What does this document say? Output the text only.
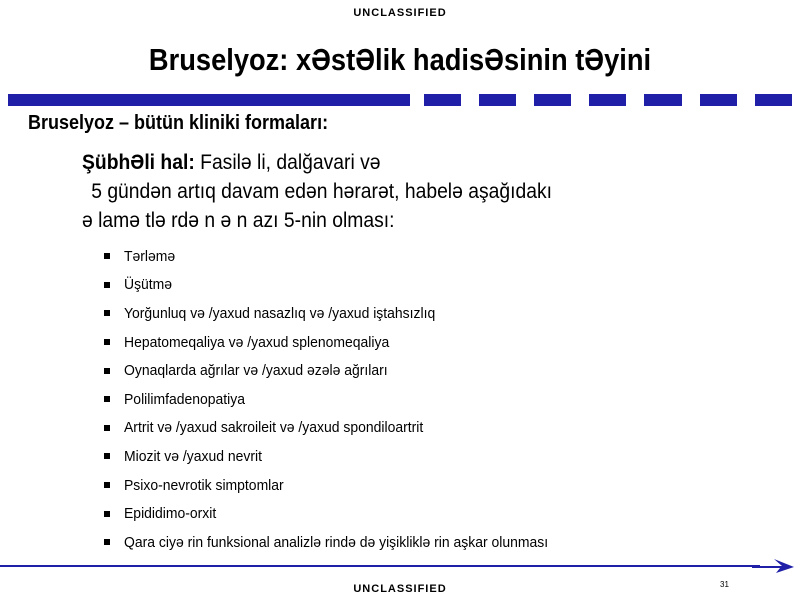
UNCLASSIFIED
Bruselyoz: xƏstƏlik hadisƏsinin tƏyini
Bruselyoz – bütün kliniki formaları:
ŞübhƏli hal: Fasilə li, dalğavari və
5 gündən artıq davam edən hərarət, habelə aşağıdakı
ə lamə tlə rdə n ə n azı 5-nin olması:
Tərləmə
Üşütmə
Yorğunluq və /yaxud nasazlıq və /yaxud iştahsızlıq
Hepatomeqaliya və /yaxud splenomeqaliya
Oynaqlarda ağrılar və /yaxud əzələ ağrıları
Polilimfadenopatiya
Artrit və /yaxud sakroileit və /yaxud spondiloartrit
Miozit və /yaxud nevrit
Psixo-nevrotik simptomlar
Epididimo-orxit
Qara ciyə rin funksional analizlə rində də yişikliklə rin aşkar olunması
31
UNCLASSIFIED
